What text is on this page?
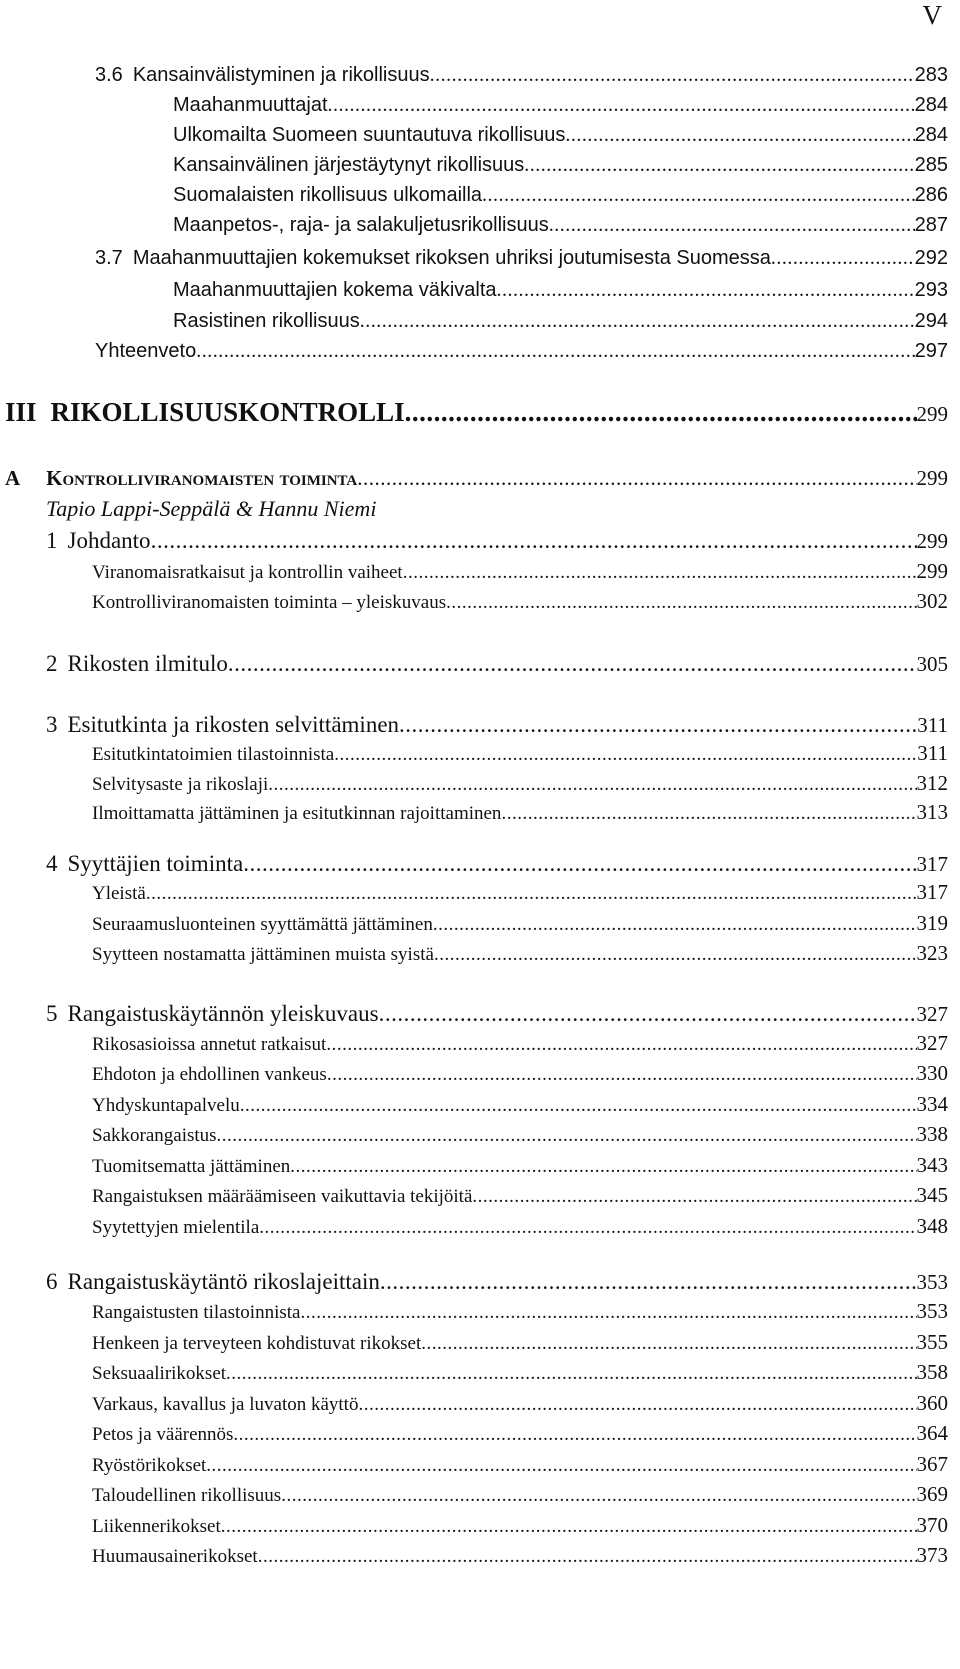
V
3.6 Kansainvälistyminen ja rikollisuus .....	283
Maahanmuuttajat .....	284
Ulkomailta Suomeen suuntautuva rikollisuus .....	284
Kansainvälinen järjestäytynyt rikollisuus .....	285
Suomalaisten rikollisuus ulkomailla .....	286
Maanpetos-, raja- ja salakuljetusrikollisuus .....	287
3.7 Maahanmuuttajien kokemukset rikoksen uhriksi joutumisesta Suomessa .....	292
Maahanmuuttajien kokema väkivalta .....	293
Rasistinen rikollisuus .....	294
Yhteenveto .....	297
III RIKOLLISUUSKONTROLLI .....	299
A Kontrolliviranomaisten toiminta .....	299
Tapio Lappi-Seppälä & Hannu Niemi
1 Johdanto .....	299
Viranomaisratkaisut ja kontrollin vaiheet .....	299
Kontrolliviranomaisten toiminta – yleiskuvaus .....	302
2 Rikosten ilmitulo .....	305
3 Esitutkinta ja rikosten selvittäminen .....	311
Esitutkintatoimien tilastoinnista .....	311
Selvitysaste ja rikoslaji .....	312
Ilmoittamatta jättäminen ja esitutkinnan rajoittaminen .....	313
4 Syyttäjien toiminta .....	317
Yleistä .....	317
Seuraamusluonteinen syyttämättä jättäminen .....	319
Syytteen nostamatta jättäminen muista syistä .....	323
5 Rangaistuskäytännön yleiskuvaus .....	327
Rikosasioissa annetut ratkaisut .....	327
Ehdoton ja ehdollinen vankeus .....	330
Yhdyskuntapalvelu .....	334
Sakkorangaistus .....	338
Tuomitsematta jättäminen .....	343
Rangaistuksen määräämiseen vaikuttavia tekijöitä .....	345
Syytettyjen mielentila .....	348
6 Rangaistuskäytäntö rikoslajeittain .....	353
Rangaistusten tilastoinnista .....	353
Henkeen ja terveyteen kohdistuvat rikokset .....	355
Seksuaalirikokset .....	358
Varkaus, kavallus ja luvaton käyttö .....	360
Petos ja väärennös .....	364
Ryöstörikokset .....	367
Taloudellinen rikollisuus .....	369
Liikennerikokset .....	370
Huumausainerikokset .....	373
